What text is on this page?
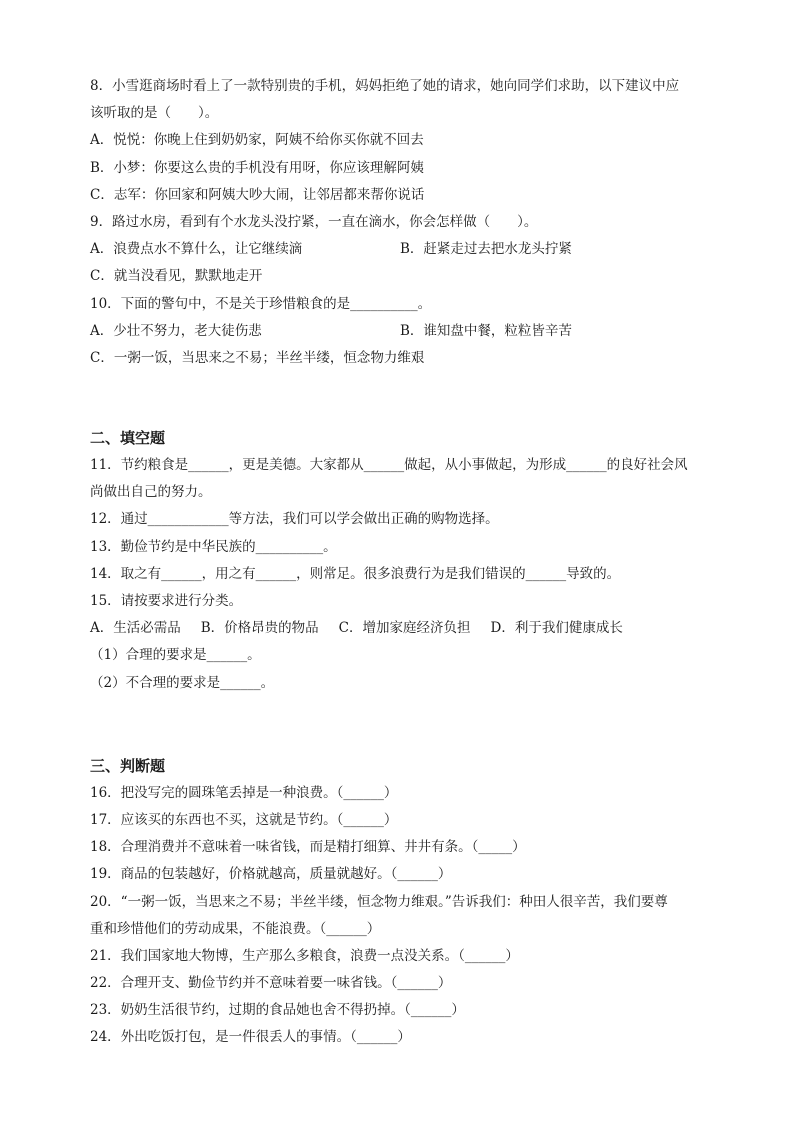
8．小雪逛商场时看上了一款特别贵的手机，妈妈拒绝了她的请求，她向同学们求助，以下建议中应
该听取的是（　　）。
A．悦悦：你晚上住到奶奶家，阿姨不给你买你就不回去
B．小梦：你要这么贵的手机没有用呀，你应该理解阿姨
C．志军：你回家和阿姨大吵大闹，让邻居都来帮你说话
9．路过水房，看到有个水龙头没拧紧，一直在滴水，你会怎样做（　　）。
A．浪费点水不算什么，让它继续滴	B．赶紧走过去把水龙头拧紧
C．就当没看见，默默地走开
10．下面的警句中，不是关于珍惜粮食的是__________。
A．少壮不努力，老大徒伤悲	B．谁知盘中餐，粒粒皆辛苦
C．一粥一饭，当思来之不易；半丝半缕，恒念物力维艰
二、填空题
11．节约粮食是______，更是美德。大家都从______做起，从小事做起，为形成______的良好社会风
尚做出自己的努力。
12．通过____________等方法，我们可以学会做出正确的购物选择。
13．勤俭节约是中华民族的__________。
14．取之有______，用之有______，则常足。很多浪费行为是我们错误的______导致的。
15．请按要求进行分类。
A．生活必需品 B．价格昂贵的物品 C．增加家庭经济负担 D．利于我们健康成长
（1）合理的要求是______。
（2）不合理的要求是______。
三、判断题
16．把没写完的圆珠笔丢掉是一种浪费。（______）
17．应该买的东西也不买，这就是节约。（______）
18．合理消费并不意味着一味省钱，而是精打细算、井井有条。（_____）
19．商品的包装越好，价格就越高，质量就越好。（______）
20．“一粥一饭，当思来之不易；半丝半缕，恒念物力维艰。”告诉我们：种田人很辛苦，我们要尊
重和珍惜他们的劳动成果，不能浪费。（______）
21．我们国家地大物博，生产那么多粮食，浪费一点没关系。（______）
22．合理开支、勤俭节约并不意味着要一味省钱。（______）
23．奶奶生活很节约，过期的食品她也舍不得扔掉。（______）
24．外出吃饭打包，是一件很丢人的事情。（______）
